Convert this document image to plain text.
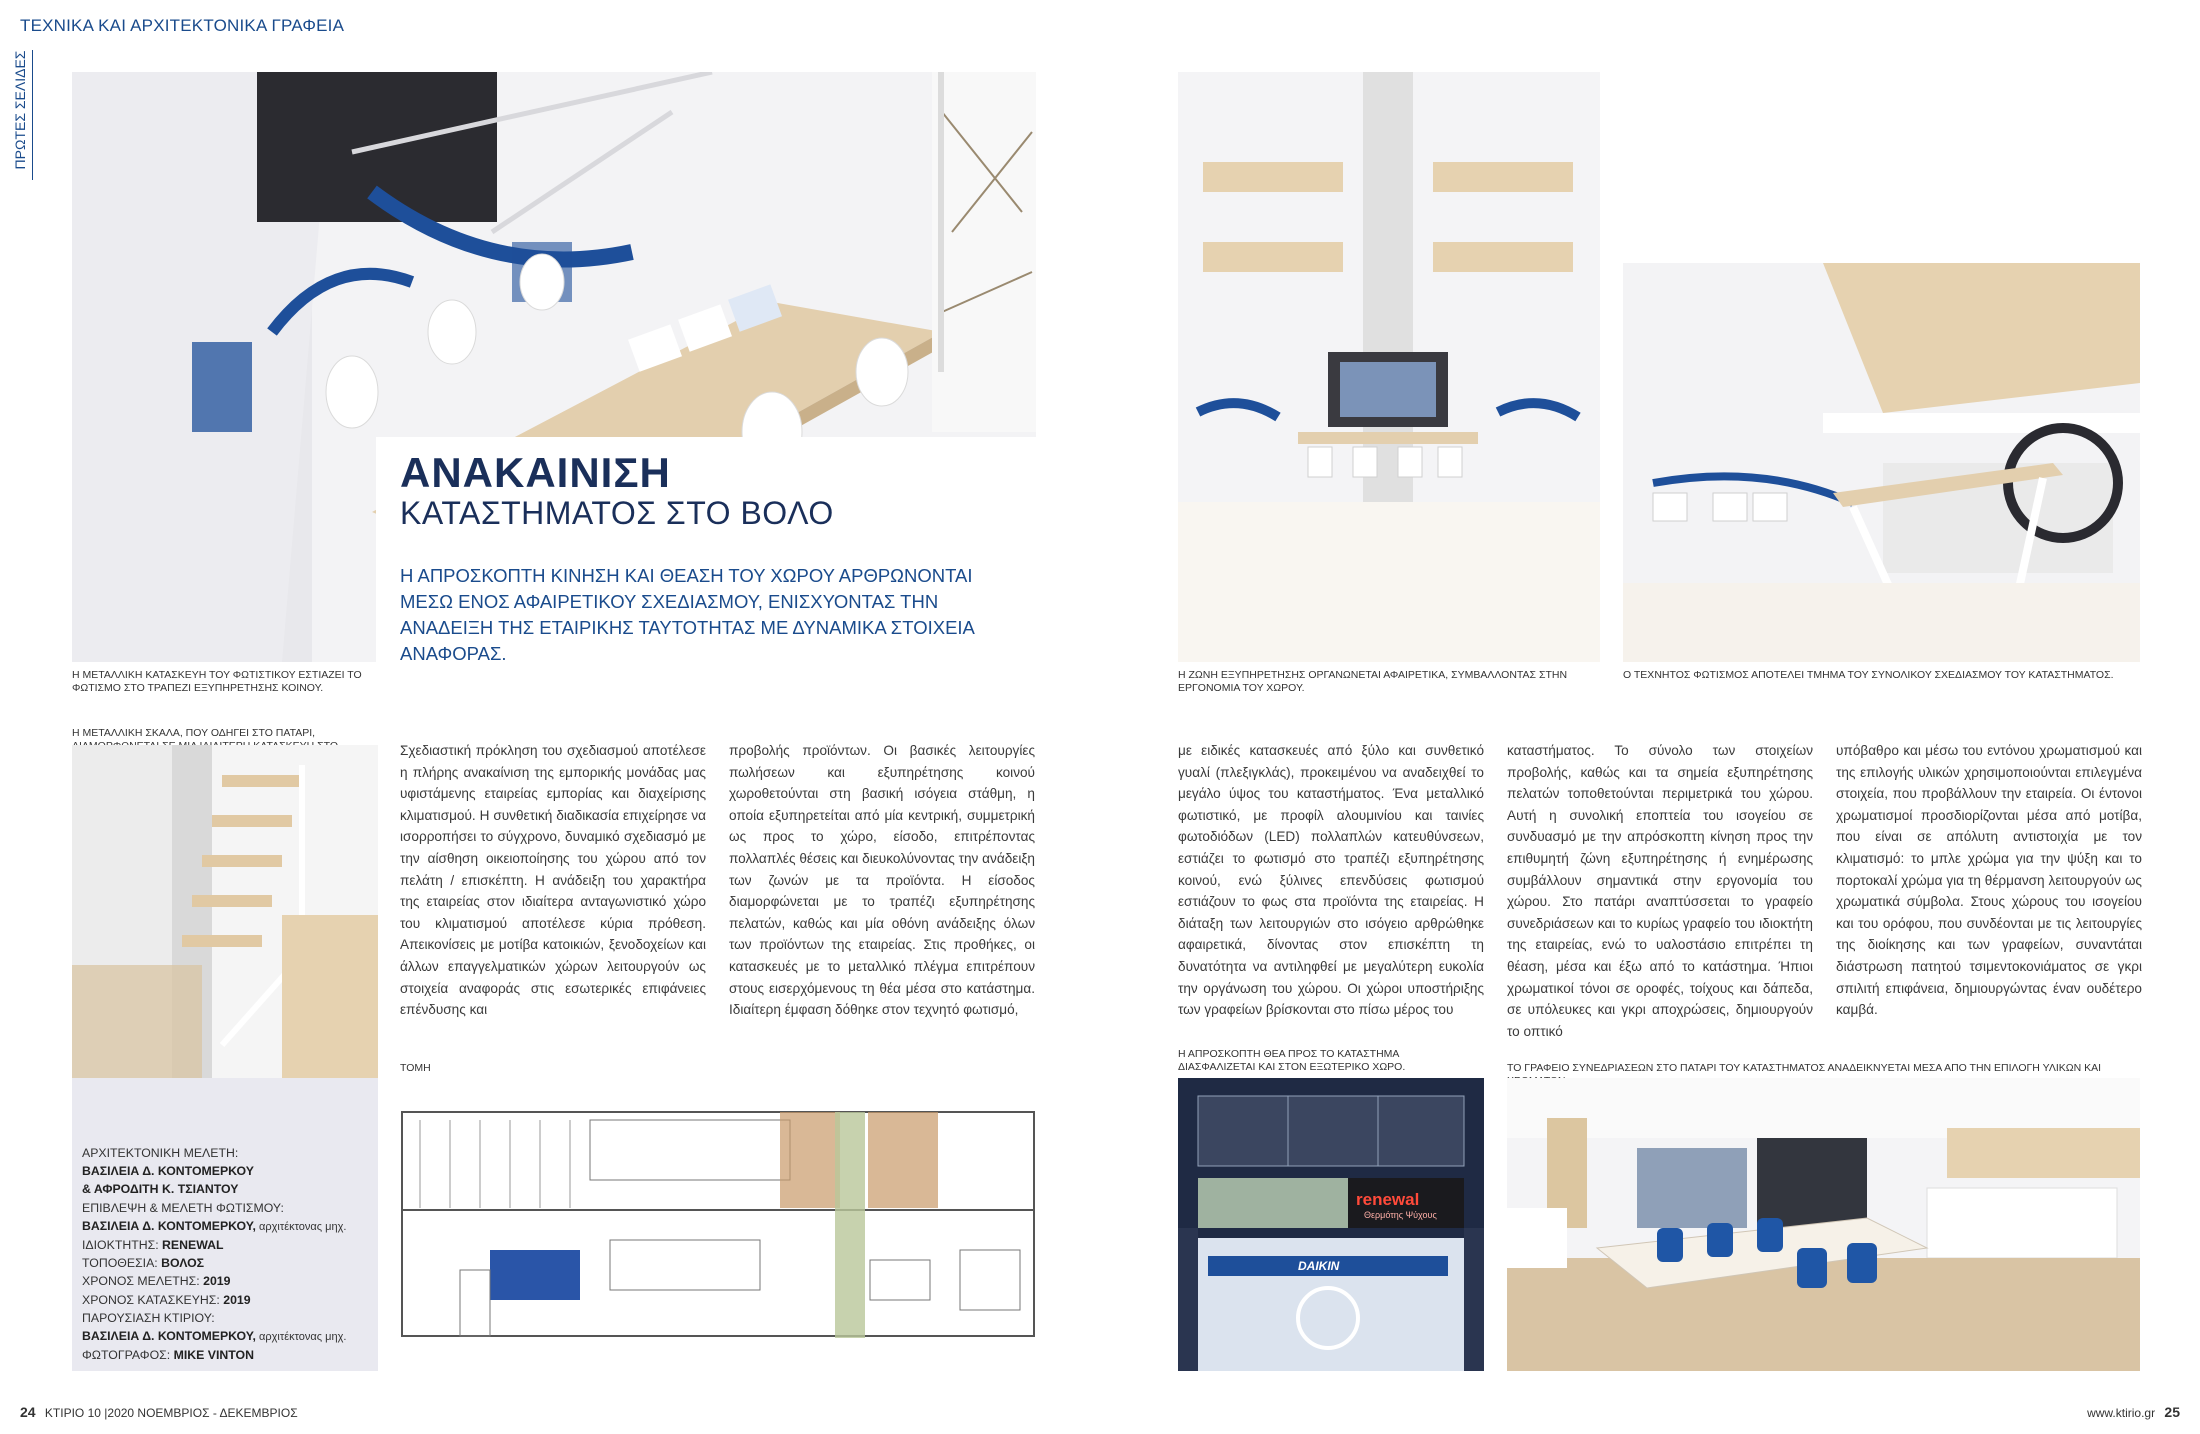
ΤΕΧΝΙΚΑ ΚΑΙ ΑΡΧΙΤΕΚΤΟΝΙΚΑ ΓΡΑΦΕΙΑ
ΠΡΩΤΕΣ ΣΕΛΙΔΕΣ
ΑΝΑΚΑΙΝΙΣΗ
ΚΑΤΑΣΤΗΜΑΤΟΣ ΣΤΟ ΒΟΛΟ
Η ΑΠΡΟΣΚΟΠΤΗ ΚΙΝΗΣΗ ΚΑΙ ΘΕΑΣΗ ΤΟΥ ΧΩΡΟΥ ΑΡΘΡΩΝΟΝΤΑΙ ΜΕΣΩ ΕΝΟΣ ΑΦΑΙΡΕΤΙΚΟΥ ΣΧΕΔΙΑΣΜΟΥ, ΕΝΙΣΧΥΟΝΤΑΣ ΤΗΝ ΑΝΑΔΕΙΞΗ ΤΗΣ ΕΤΑΙΡΙΚΗΣ ΤΑΥΤΟΤΗΤΑΣ ΜΕ ΔΥΝΑΜΙΚΑ ΣΤΟΙΧΕΙΑ ΑΝΑΦΟΡΑΣ.
Η ΜΕΤΑΛΛΙΚΗ ΚΑΤΑΣΚΕΥΗ ΤΟΥ ΦΩΤΙΣΤΙΚΟΥ ΕΣΤΙΑΖΕΙ ΤΟ ΦΩΤΙΣΜΟ ΣΤΟ ΤΡΑΠΕΖΙ ΕΞΥΠΗΡΕΤΗΣΗΣ ΚΟΙΝΟΥ.
Η ΜΕΤΑΛΛΙΚΗ ΣΚΑΛΑ, ΠΟΥ ΟΔΗΓΕΙ ΣΤΟ ΠΑΤΑΡΙ,
ΑΡΧΙΤΕΚΤΟΝΙΚΗ ΜΕΛΕΤΗ:
ΒΑΣΙΛΕΙΑ Δ. ΚΟΝΤΟΜΕΡΚΟΥ
& ΑΦΡΟΔΙΤΗ Κ. ΤΣΙΑΝΤΟΥ
ΕΠΙΒΛΕΨΗ & ΜΕΛΕΤΗ ΦΩΤΙΣΜΟΥ:
ΒΑΣΙΛΕΙΑ Δ. ΚΟΝΤΟΜΕΡΚΟΥ, αρχιτέκτονας μηχ.
ΙΔΙΟΚΤΗΤΗΣ: RENEWAL
ΤΟΠΟΘΕΣΙΑ: ΒΟΛΟΣ
ΧΡΟΝΟΣ ΜΕΛΕΤΗΣ: 2019
ΧΡΟΝΟΣ ΚΑΤΑΣΚΕΥΗΣ: 2019
ΠΑΡΟΥΣΙΑΣΗ ΚΤΙΡΙΟΥ:
ΒΑΣΙΛΕΙΑ Δ. ΚΟΝΤΟΜΕΡΚΟΥ, αρχιτέκτονας μηχ.
ΦΩΤΟΓΡΑΦΟΣ: MIKE VINTON
Σχεδιαστική πρόκληση του σχεδιασμού αποτέλεσε η πλήρης ανακαίνιση της εμπορικής μονάδας μας υφιστάμενης εταιρείας εμπορίας και διαχείρισης κλιματισμού. Η συνθετική διαδικασία επιχείρησε να ισορροπήσει το σύγχρονο, δυναμικό σχεδιασμό με την αίσθηση οικειοποίησης του χώρου από τον πελάτη / επισκέπτη. Η ανάδειξη του χαρακτήρα της εταιρείας στον ιδιαίτερα ανταγωνιστικό χώρο του κλιματισμού αποτέλεσε κύρια πρόθεση. Απεικονίσεις με μοτίβα κατοικιών, ξενοδοχείων και άλλων επαγγελματικών χώρων λειτουργούν ως στοιχεία αναφοράς στις εσωτερικές επιφάνειες επένδυσης και
προβολής προϊόντων. Οι βασικές λειτουργίες πωλήσεων και εξυπηρέτησης κοινού χωροθετούνται στη βασική ισόγεια στάθμη, η οποία εξυπηρετείται από μία κεντρική, συμμετρική ως προς το χώρο, είσοδο, επιτρέποντας πολλαπλές θέσεις και διευκολύνοντας την ανάδειξη των ζωνών με τα προϊόντα. Η είσοδος διαμορφώνεται με το τραπέζι εξυπηρέτησης πελατών, καθώς και μία οθόνη ανάδειξης όλων των προϊόντων της εταιρείας. Στις προθήκες, οι κατασκευές με το μεταλλικό πλέγμα επιτρέπουν στους εισερχόμενους τη θέα μέσα στο κατάστημα. Ιδιαίτερη έμφαση δόθηκε στον τεχνητό φωτισμό,
με ειδικές κατασκευές από ξύλο και συνθετικό γυαλί (πλεξιγκλάς), προκειμένου να αναδειχθεί το μεγάλο ύψος του καταστήματος. Ένα μεταλλικό φωτιστικό, με προφίλ αλουμινίου και ταινίες φωτοδιόδων (LED) πολλαπλών κατευθύνσεων, εστιάζει το φωτισμό στο τραπέζι εξυπηρέτησης κοινού, ενώ ξύλινες επενδύσεις φωτισμού εστιάζουν το φως στα προϊόντα της εταιρείας. Η διάταξη των λειτουργιών στο ισόγειο αρθρώθηκε αφαιρετικά, δίνοντας στον επισκέπτη τη δυνατότητα να αντιληφθεί με μεγαλύτερη ευκολία την οργάνωση του χώρου. Οι χώροι υποστήριξης των γραφείων βρίσκονται στο πίσω μέρος του
καταστήματος. Το σύνολο των στοιχείων προβολής, καθώς και τα σημεία εξυπηρέτησης πελατών τοποθετούνται περιμετρικά του χώρου. Αυτή η συνολική εποπτεία του ισογείου σε συνδυασμό με την απρόσκοπτη κίνηση προς την επιθυμητή ζώνη εξυπηρέτησης ή ενημέρωσης συμβάλλουν σημαντικά στην εργονομία του χώρου. Στο πατάρι αναπτύσσεται το γραφείο συνεδριάσεων και το κυρίως γραφείο του ιδιοκτήτη της εταιρείας, ενώ το υαλοστάσιο επιτρέπει τη θέαση, μέσα και έξω από το κατάστημα. Ήπιοι χρωματικοί τόνοι σε οροφές, τοίχους και δάπεδα, σε υπόλευκες και γκρι αποχρώσεις, δημιουργούν το οπτικό
υπόβαθρο και μέσω του εντόνου χρωματισμού και της επιλογής υλικών χρησιμοποιούνται επιλεγμένα στοιχεία, που προβάλλουν την εταιρεία. Οι έντονοι χρωματισμοί προσδιορίζονται μέσα από μοτίβα, που είναι σε απόλυτη αντιστοιχία με τον κλιματισμό: το μπλε χρώμα για την ψύξη και το πορτοκαλί χρώμα για τη θέρμανση λειτουργούν ως χρωματικά σύμβολα. Στους χώρους του ισογείου και του ορόφου, που συνδέονται με τις λειτουργίες της διοίκησης και των γραφείων, συναντάται διάστρωση πατητού τσιμεντοκονιάματος σε γκρι σπιλιτή επιφάνεια, δημιουργώντας έναν ουδέτερο καμβά.
ΤΟΜΗ
Η ΖΩΝΗ ΕΞΥΠΗΡΕΤΗΣΗΣ ΟΡΓΑΝΩΝΕΤΑΙ ΑΦΑΙΡΕΤΙΚΑ, ΣΥΜΒΑΛΛΟΝΤΑΣ ΣΤΗΝ ΕΡΓΟΝΟΜΙΑ ΤΟΥ ΧΩΡΟΥ.
Ο ΤΕΧΝΗΤΟΣ ΦΩΤΙΣΜΟΣ ΑΠΟΤΕΛΕΙ ΤΜΗΜΑ ΤΟΥ ΣΥΝΟΛΙΚΟΥ ΣΧΕΔΙΑΣΜΟΥ ΤΟΥ ΚΑΤΑΣΤΗΜΑΤΟΣ.
Η ΑΠΡΟΣΚΟΠΤΗ ΘΕΑ ΠΡΟΣ ΤΟ ΚΑΤΑΣΤΗΜΑ ΔΙΑΣΦΑΛΙΖΕΤΑΙ ΚΑΙ ΣΤΟΝ ΕΞΩΤΕΡΙΚΟ ΧΩΡΟ.	ΤΟ ΓΡΑΦΕΙΟ ΣΥΝΕΔΡΙΑΣΕΩΝ ΣΤΟ ΠΑΤΑΡΙ ΤΟΥ ΚΑΤΑΣΤΗΜΑΤΟΣ ΑΝΑΔΕΙΚΝΥΕΤΑΙ ΜΕΣΑ ΑΠΟ ΤΗΝ ΕΠΙΛΟΓΗ ΥΛΙΚΩΝ ΚΑΙ
renewal
Θερμότης Ψύχους
DAIKIN
24 ΚΤΙΡΙΟ 10 |2020 ΝΟΕΜΒΡΙΟΣ - ΔΕΚΕΜΒΡΙΟΣ	www.ktirio.gr 25
